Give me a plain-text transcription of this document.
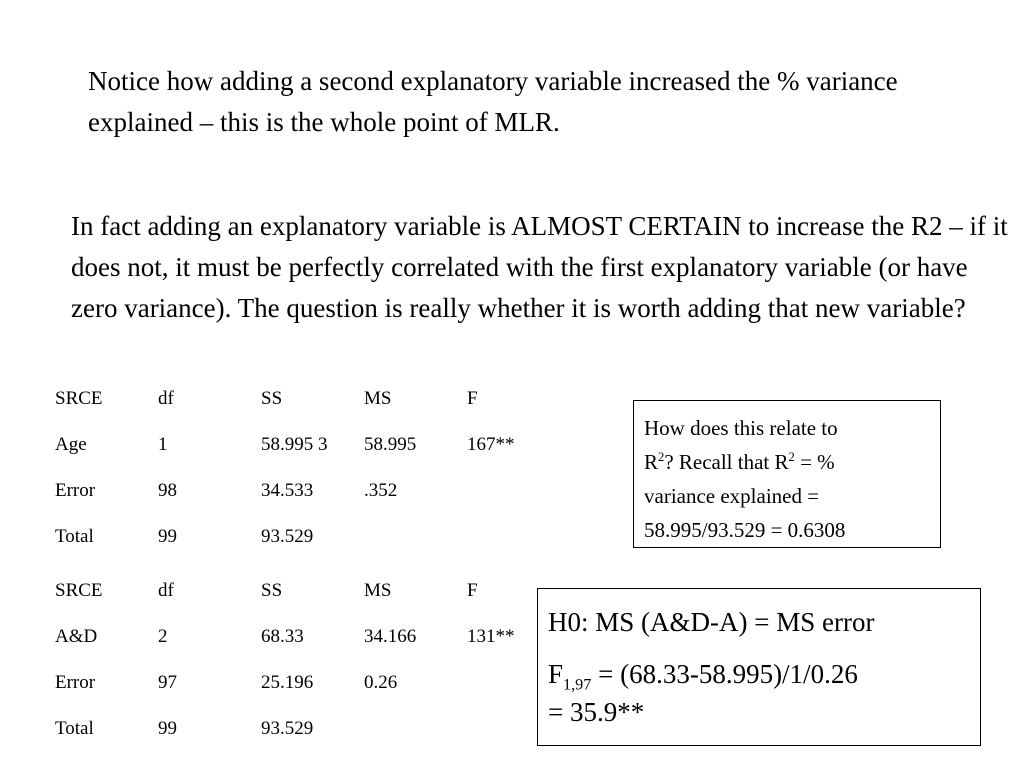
Notice how adding a second explanatory variable increased the % variance explained – this is the whole point of MLR.

In fact adding an explanatory variable is ALMOST CERTAIN to increase the R2 – if it does not, it must be perfectly correlated with the first explanatory variable (or have zero variance). The question is really whether it is worth adding that new variable?

SRCE	df	SS	MS	F
Age	1	58.995 3	58.995	167**
Error	98	34.533	.352
Total	99	93.529
SRCE	df	SS	MS	F
A&D	2	68.33	34.166	131**
Error	97	25.196	0.26
Total	99	93.529
How does this relate to
$R^2$? Recall that $R^2$ = %
variance explained =
58.995/93.529 = 0.6308
H0: MS (A&D-A) = MS error
$F_{1,97} = (68.33-58.995)/1/0.26$
= 35.9**
